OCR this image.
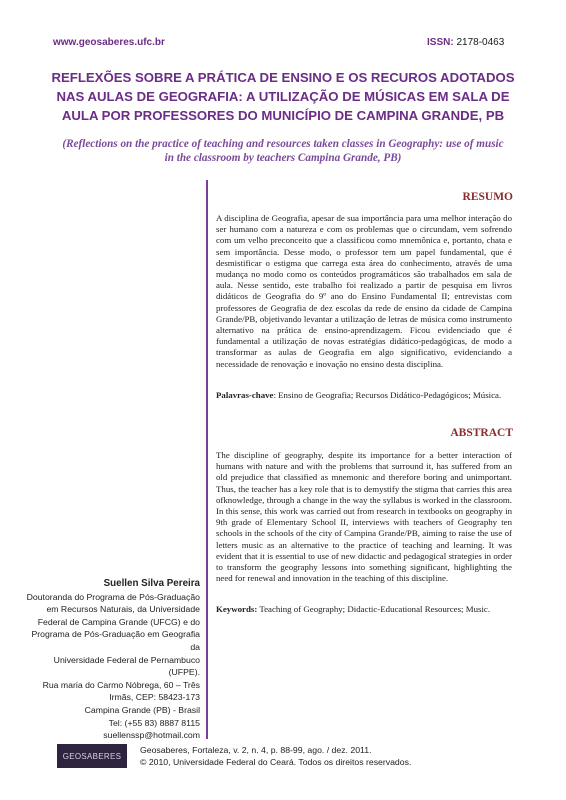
www.geosaberes.ufc.br	ISSN: 2178-0463
REFLEXÕES SOBRE A PRÁTICA DE ENSINO E OS RECUROS ADOTADOS
NAS AULAS DE GEOGRAFIA: A UTILIZAÇÃO DE MÚSICAS EM SALA DE
AULA POR PROFESSORES DO MUNICÍPIO DE CAMPINA GRANDE, PB
(Reflections on the practice of teaching and resources taken classes in Geography: use of music
in the classroom by teachers Campina Grande, PB)
RESUMO
A disciplina de Geografia, apesar de sua importância para uma melhor interação do ser humano com a natureza e com os problemas que o circundam, vem sofrendo com um velho preconceito que a classificou como mnemônica e, portanto, chata e sem importância. Desse modo, o professor tem um papel fundamental, que é desmistificar o estigma que carrega esta área do conhecimento, através de uma mudança no modo como os conteúdos programáticos são trabalhados em sala de aula. Nesse sentido, este trabalho foi realizado a partir de pesquisa em livros didáticos de Geografia do 9º ano do Ensino Fundamental II; entrevistas com professores de Geografia de dez escolas da rede de ensino da cidade de Campina Grande/PB, objetivando levantar a utilização de letras de música como instrumento alternativo na prática de ensino-aprendizagem. Ficou evidenciado que é fundamental a utilização de novas estratégias didático-pedagógicas, de modo a transformar as aulas de Geografia em algo significativo, evidenciando a necessidade de renovação e inovação no ensino desta disciplina.
Palavras-chave: Ensino de Geografia; Recursos Didático-Pedagógicos; Música.
ABSTRACT
The discipline of geography, despite its importance for a better interaction of humans with nature and with the problems that surround it, has suffered from an old prejudice that classified as mnemonic and therefore boring and unimportant. Thus, the teacher has a key role that is to demystify the stigma that carries this area ofknowledge, through a change in the way the syllabus is worked in the classroom. In this sense, this work was carried out from research in textbooks on geography in 9th grade of Elementary School II, interviews with teachers of Geography ten schools in the schools of the city of Campina Grande/PB, aiming to raise the use of letters music as an alternative to the practice of teaching and learning. It was evident that it is essential to use of new didactic and pedagogical strategies in order to transform the geography lessons into something significant, highlighting the need for renewal and innovation in the teaching of this discipline.
Keywords: Teaching of Geography; Didactic-Educational Resources; Music.
Suellen Silva Pereira
Doutoranda do Programa de Pós-Graduação
em Recursos Naturais, da Universidade
Federal de Campina Grande (UFCG) e do
Programa de Pós-Graduação em Geografia da
Universidade Federal de Pernambuco (UFPE).
Rua maria do Carmo Nóbrega, 60 – Três
Irmãs, CEP: 58423-173
Campina Grande (PB) - Brasil
Tel: (+55 83) 8887 8115
suellenssp@hotmail.com
GEOSABERES
Geosaberes, Fortaleza, v. 2, n. 4, p. 88-99, ago. / dez. 2011.
© 2010, Universidade Federal do Ceará. Todos os direitos reservados.
